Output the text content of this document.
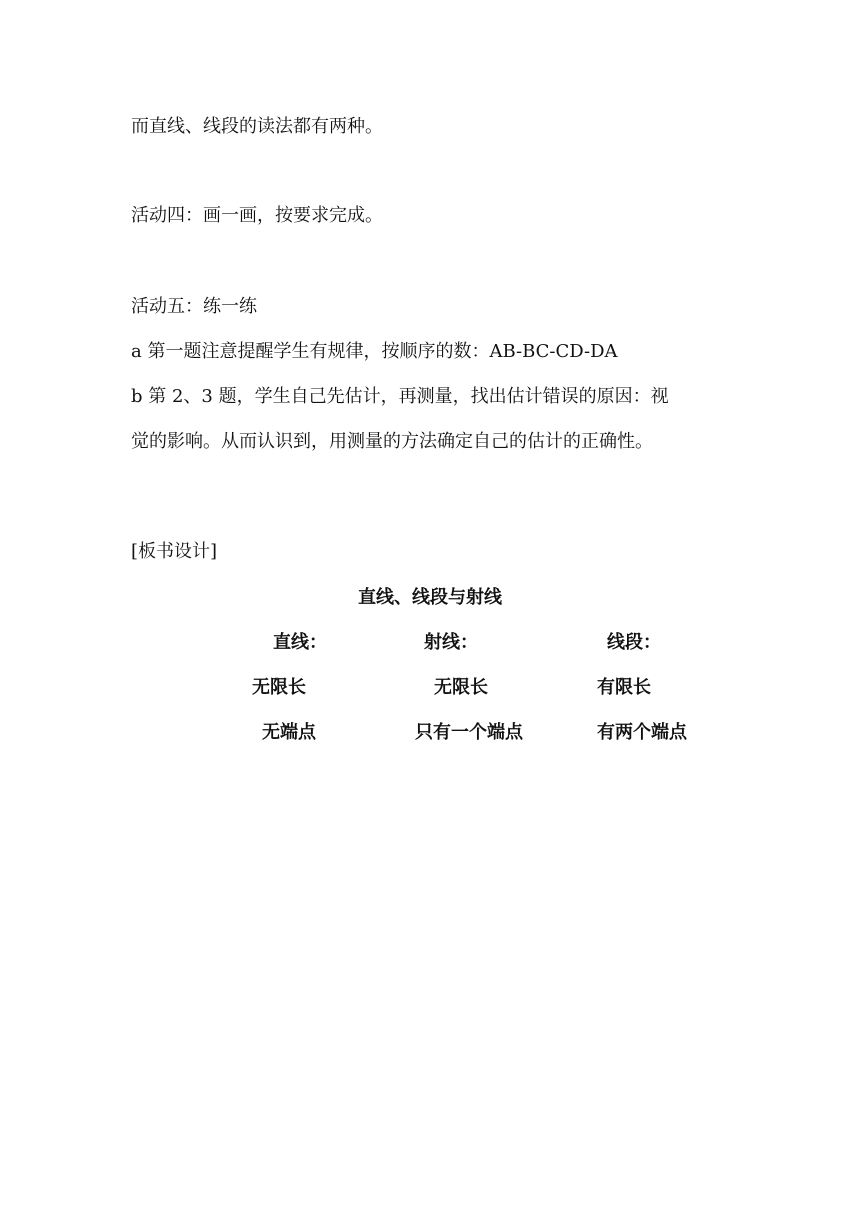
而直线、线段的读法都有两种。

活动四：画一画，按要求完成。

活动五：练一练

a 第一题注意提醒学生有规律，按顺序的数：AB-BC-CD-DA

b 第 2、3 题，学生自己先估计，再测量，找出估计错误的原因：视

觉的影响。从而认识到，用测量的方法确定自己的估计的正确性。

[板书设计]

直线、线段与射线

直线：	射线：	线段：
无限长	无限长	有限长
无端点	只有一个端点	有两个端点
